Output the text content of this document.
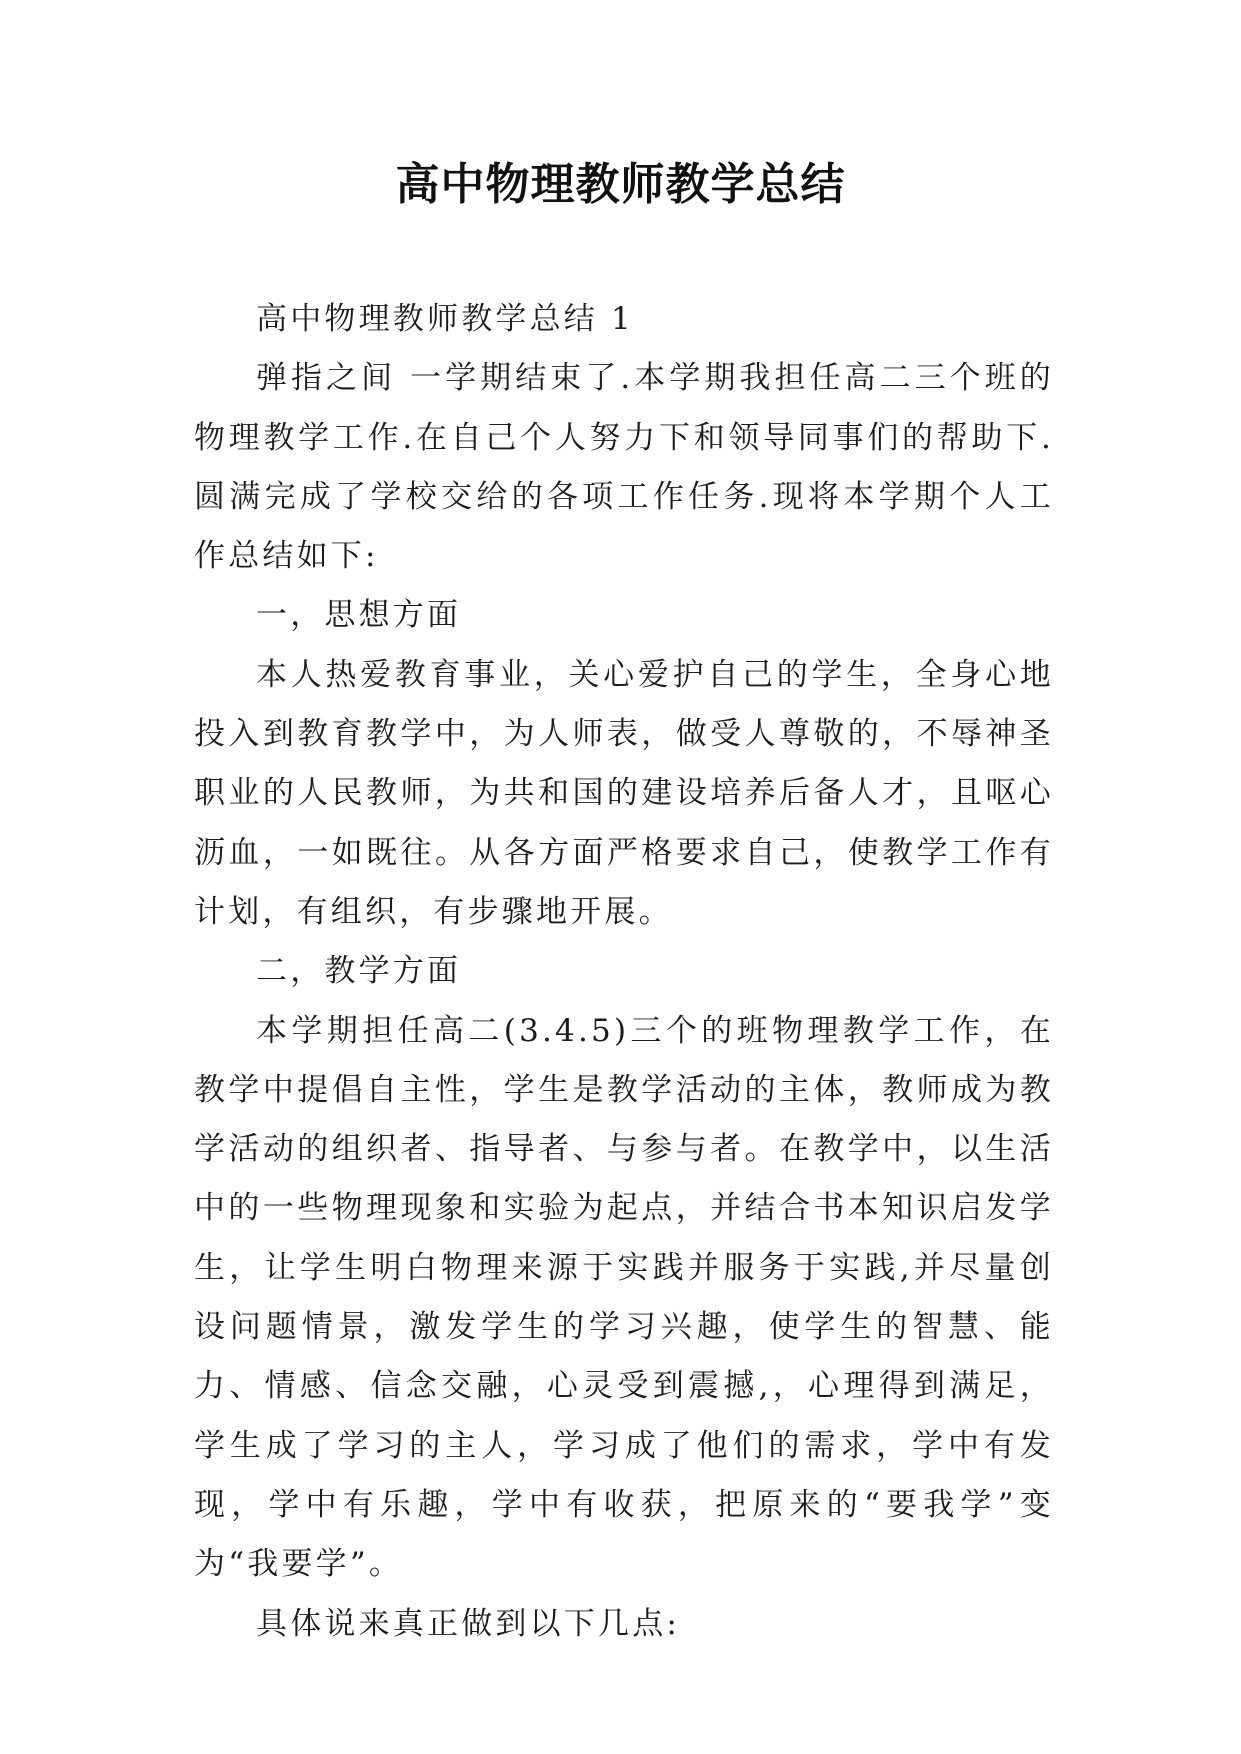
高中物理教师教学总结

高中物理教师教学总结 1

弹指之间 一学期结束了.本学期我担任高二三个班的物理教学工作.在自己个人努力下和领导同事们的帮助下.圆满完成了学校交给的各项工作任务.现将本学期个人工作总结如下:

一，思想方面

本人热爱教育事业，关心爱护自己的学生，全身心地投入到教育教学中，为人师表，做受人尊敬的，不辱神圣职业的人民教师，为共和国的建设培养后备人才，且呕心沥血，一如既往。从各方面严格要求自己，使教学工作有计划，有组织，有步骤地开展。

二，教学方面

本学期担任高二(3.4.5)三个的班物理教学工作，在教学中提倡自主性，学生是教学活动的主体，教师成为教学活动的组织者、指导者、与参与者。在教学中，以生活中的一些物理现象和实验为起点，并结合书本知识启发学生，让学生明白物理来源于实践并服务于实践,并尽量创设问题情景，激发学生的学习兴趣，使学生的智慧、能力、情感、信念交融，心灵受到震撼,，心理得到满足，学生成了学习的主人，学习成了他们的需求，学中有发现，学中有乐趣，学中有收获，把原来的“要我学”变为“我要学”。

具体说来真正做到以下几点:
